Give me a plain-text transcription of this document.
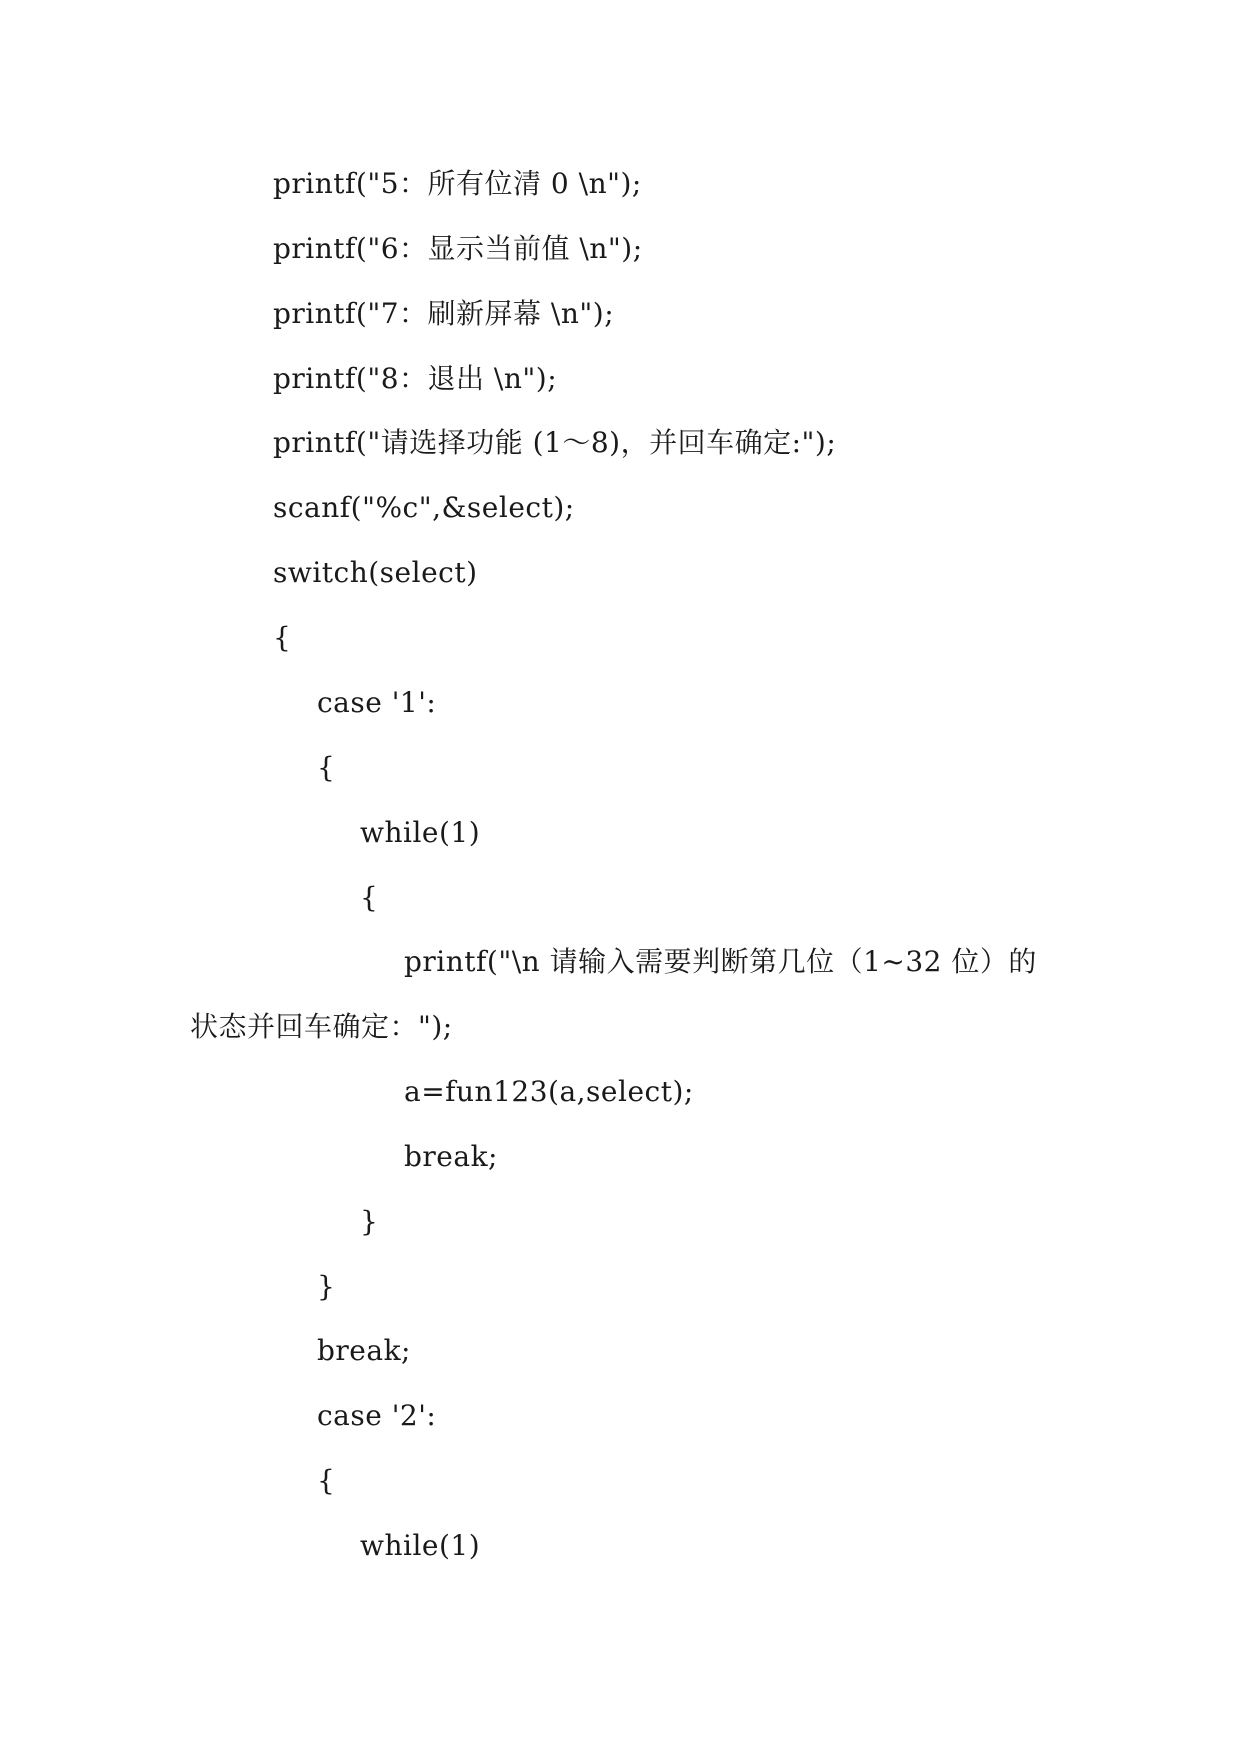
printf("5：所有位清 0 \n");
printf("6：显示当前值 \n");
printf("7：刷新屏幕 \n");
printf("8：退出 \n");
printf("请选择功能 (1～8)，并回车确定:");
scanf("%c",&select);
switch(select)
{
case '1':
{
while(1)
{
printf("\n 请输入需要判断第几位（1~32 位）的
状态并回车确定：");
a=fun123(a,select);
break;
}
}
break;
case '2':
{
while(1)
